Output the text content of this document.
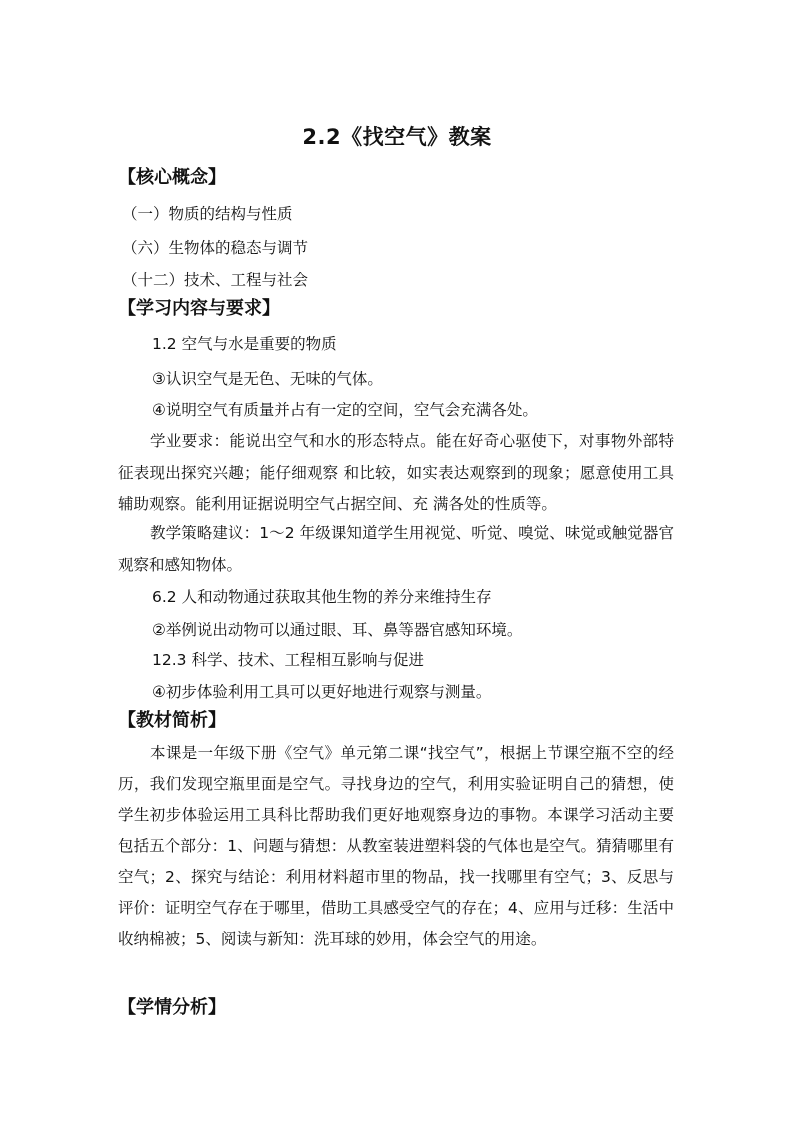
2.2《找空气》教案
【核心概念】
（一）物质的结构与性质
（六）生物体的稳态与调节
（十二）技术、工程与社会
【学习内容与要求】
1.2 空气与水是重要的物质
③认识空气是无色、无味的气体。
④说明空气有质量并占有一定的空间，空气会充满各处。
学业要求：能说出空气和水的形态特点。能在好奇心驱使下，对事物外部特征表现出探究兴趣；能仔细观察 和比较，如实表达观察到的现象；愿意使用工具辅助观察。能利用证据说明空气占据空间、充 满各处的性质等。
教学策略建议：1～2 年级课知道学生用视觉、听觉、嗅觉、味觉或触觉器官观察和感知物体。
6.2 人和动物通过获取其他生物的养分来维持生存
②举例说出动物可以通过眼、耳、鼻等器官感知环境。
12.3 科学、技术、工程相互影响与促进
④初步体验利用工具可以更好地进行观察与测量。
【教材简析】
本课是一年级下册《空气》单元第二课“找空气”，根据上节课空瓶不空的经历，我们发现空瓶里面是空气。寻找身边的空气，利用实验证明自己的猜想，使学生初步体验运用工具科比帮助我们更好地观察身边的事物。本课学习活动主要包括五个部分：1、问题与猜想：从教室装进塑料袋的气体也是空气。猜猜哪里有空气；2、探究与结论：利用材料超市里的物品，找一找哪里有空气；3、反思与评价：证明空气存在于哪里，借助工具感受空气的存在；4、应用与迁移：生活中收纳棉被；5、阅读与新知：洗耳球的妙用，体会空气的用途。
【学情分析】
